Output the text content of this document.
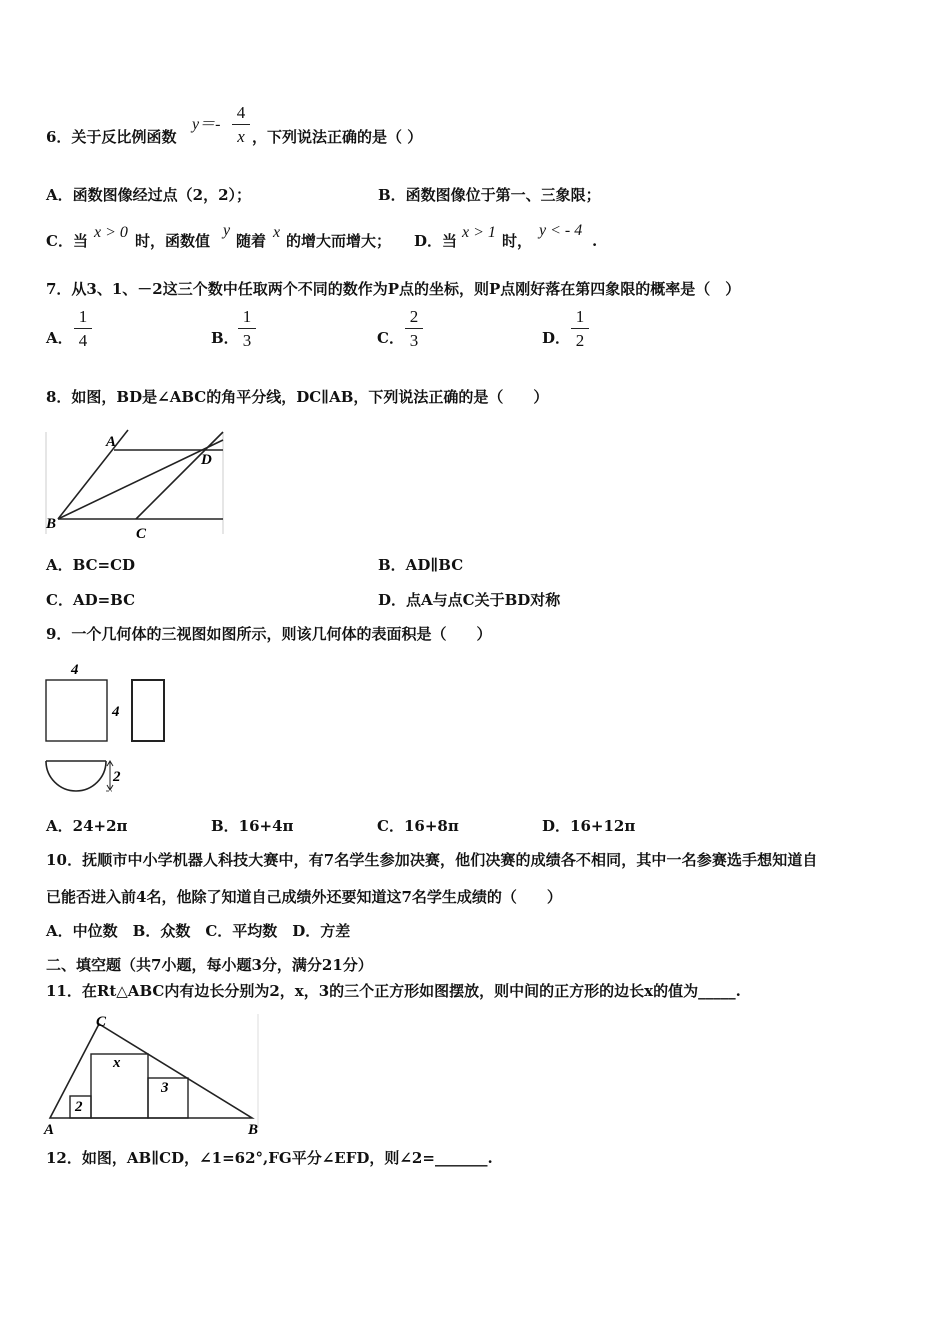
6．关于反比例函数
y＝-
4
x ，下列说法正确的是（ ）
A．函数图像经过点（2，2）；	B．函数图像位于第一、三象限；
C．当 x > 0 时，函数值
y
随着 x 的增大而增大； D．当 x > 1 时，
y < - 4
.
7．从3、1、－2这三个数中任取两个不同的数作为P点的坐标，则P点刚好落在第四象限的概率是（　）
A．
1
4	B．
1
3	C．
2
3	D．
1
2
8．如图，BD是∠ABC的角平分线，DC∥AB，下列说法正确的是（　　）
A
D
B
C
A．BC=CD	B．AD∥BC
C．AD=BC	D．点A与点C关于BD对称
9．一个几何体的三视图如图所示，则该几何体的表面积是（　　）
4
4
2
A．24+2π	B．16+4π	C．16+8π	D．16+12π
10．抚顺市中小学机器人科技大赛中，有7名学生参加决赛，他们决赛的成绩各不相同，其中一名参赛选手想知道自
已能否进入前4名，他除了知道自己成绩外还要知道这7名学生成绩的（　　）
A．中位数　B．众数　C．平均数　D．方差
二、填空题（共7小题，每小题3分，满分21分）
11．在Rt△ABC内有边长分别为2，x，3的三个正方形如图摆放，则中间的正方形的边长x的值为_____.
C
A	B
x
3
2
12．如图，AB∥CD，∠1=62°,FG平分∠EFD，则∠2=_______.
